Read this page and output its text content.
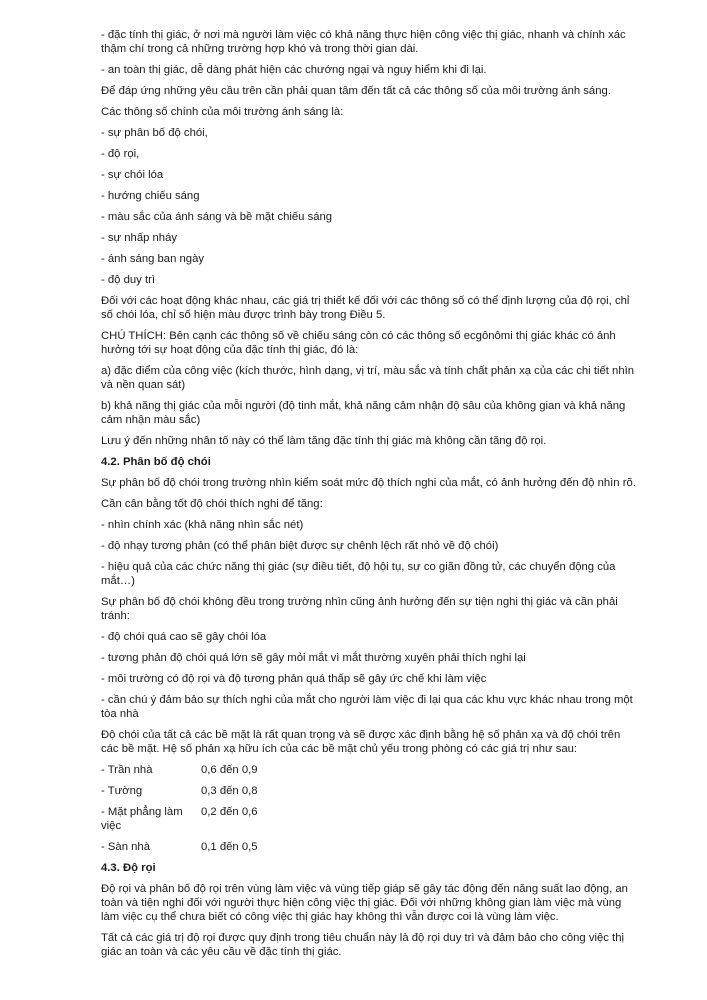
- đặc tính thị giác, ở nơi mà người làm việc có khả năng thực hiện công việc thị giác, nhanh và chính xác thậm chí trong cả những trường hợp khó và trong thời gian dài.

- an toàn thị giác, dễ dàng phát hiện các chướng ngại và nguy hiểm khi đi lại.

Để đáp ứng những yêu cầu trên cần phải quan tâm đến tất cả các thông số của môi trường ánh sáng.

Các thông số chính của môi trường ánh sáng là:

- sự phân bố độ chói,

- độ rọi,

- sự chói lóa

- hướng chiếu sáng

- màu sắc của ánh sáng và bề mặt chiếu sáng

- sự nhấp nháy

- ánh sáng ban ngày

- độ duy trì

Đối với các hoạt động khác nhau, các giá trị thiết kế đối với các thông số có thể định lượng của độ rọi, chỉ số chói lóa, chỉ số hiện màu được trình bày trong Điều 5.

CHÚ THÍCH: Bên cạnh các thông số về chiếu sáng còn có các thông số ecgônômi thị giác khác có ảnh hưởng tới sự hoạt động của đặc tính thị giác, đó là:

a) đặc điểm của công việc (kích thước, hình dạng, vị trí, màu sắc và tính chất phản xạ của các chi tiết nhìn và nền quan sát)

b) khả năng thị giác của mỗi người (độ tinh mắt, khả năng cảm nhận độ sâu của không gian và khả năng cảm nhận màu sắc)

Lưu ý đến những nhân tố này có thể làm tăng đặc tính thị giác mà không cần tăng độ rọi.

4.2. Phân bố độ chói

Sự phân bố độ chói trong trường nhìn kiểm soát mức độ thích nghi của mắt, có ảnh hưởng đến độ nhìn rõ.

Cần cân bằng tốt độ chói thích nghi để tăng:

- nhìn chính xác (khả năng nhìn sắc nét)

- độ nhạy tương phản (có thể phân biệt được sự chênh lệch rất nhỏ về độ chói)

- hiệu quả của các chức năng thị giác (sự điều tiết, độ hội tụ, sự co giãn đồng tử, các chuyển động của mắt…)

Sự phân bố độ chói không đều trong trường nhìn cũng ảnh hưởng đến sự tiện nghi thị giác và cần phải tránh:

- độ chói quá cao sẽ gây chói lóa

- tương phản độ chói quá lớn sẽ gây mỏi mắt vì mắt thường xuyên phải thích nghi lại

- môi trường có độ rọi và độ tương phản quá thấp sẽ gây ức chế khi làm việc

- cần chú ý đảm bảo sự thích nghi của mắt cho người làm việc đi lại qua các khu vực khác nhau trong một tòa nhà

Độ chói của tất cả các bề mặt là rất quan trọng và sẽ được xác định bằng hệ số phản xạ và độ chói trên các bề mặt. Hệ số phản xạ hữu ích của các bề mặt chủ yếu trong phòng có các giá trị như sau:

- Trần nhà	0,6 đến 0,9
- Tường	0,3 đến 0,8
- Mặt phẳng làm việc
0,2 đến 0,6
- Sàn nhà	0,1 đến 0,5

4.3. Độ rọi

Độ rọi và phân bố độ rọi trên vùng làm việc và vùng tiếp giáp sẽ gây tác động đến năng suất lao động, an toàn và tiện nghi đối với người thực hiện công việc thị giác. Đối với những không gian làm việc mà vùng làm việc cụ thể chưa biết có công việc thị giác hay không thì vẫn được coi là vùng làm việc.

Tất cả các giá trị độ rọi được quy định trong tiêu chuẩn này là độ rọi duy trì và đảm bảo cho công việc thị giác an toàn và các yêu cầu về đặc tính thị giác.
